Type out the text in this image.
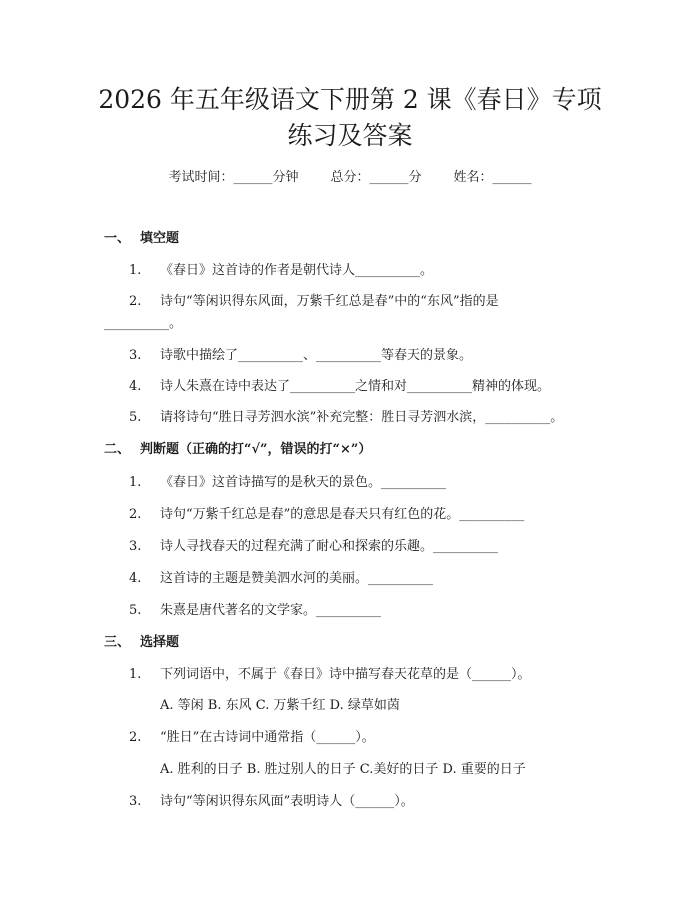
2026 年五年级语文下册第 2 课《春日》专项
练习及答案
考试时间：______分钟 总分：______分 姓名：______
一、 填空题
1. 《春日》这首诗的作者是朝代诗人__________。
2. 诗句“等闲识得东风面，万紫千红总是春”中的“东风”指的是
__________。
3. 诗歌中描绘了__________、__________等春天的景象。
4. 诗人朱熹在诗中表达了__________之情和对__________精神的体现。
5. 请将诗句“胜日寻芳泗水滨”补充完整：胜日寻芳泗水滨，__________。
二、 判断题（正确的打“√”，错误的打“×”）
1. 《春日》这首诗描写的是秋天的景色。__________
2. 诗句“万紫千红总是春”的意思是春天只有红色的花。__________
3. 诗人寻找春天的过程充满了耐心和探索的乐趣。__________
4. 这首诗的主题是赞美泗水河的美丽。__________
5. 朱熹是唐代著名的文学家。__________
三、 选择题
1. 下列词语中，不属于《春日》诗中描写春天花草的是（______）。
A. 等闲 B. 东风 C. 万紫千红 D. 绿草如茵
2. “胜日”在古诗词中通常指（______）。
A. 胜利的日子 B. 胜过别人的日子 C.美好的日子 D. 重要的日子
3. 诗句“等闲识得东风面”表明诗人（______）。
